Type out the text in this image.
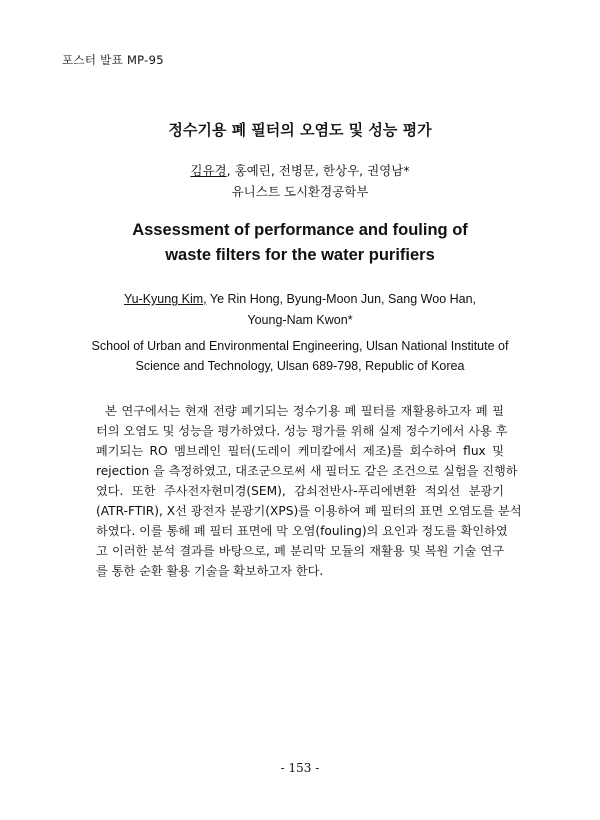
포스터 발표 MP-95
정수기용 폐 필터의 오염도 및 성능 평가
김유경, 홍예린, 전병문, 한상우, 권영남*
유니스트 도시환경공학부
Assessment of performance and fouling of
waste filters for the water purifiers
Yu-Kyung Kim, Ye Rin Hong, Byung-Moon Jun, Sang Woo Han,
Young-Nam Kwon*
School of Urban and Environmental Engineering, Ulsan National Institute of
Science and Technology, Ulsan 689-798, Republic of Korea
본 연구에서는 현재 전량 폐기되는 정수기용 폐 필터를 재활용하고자 폐 필
터의 오염도 및 성능을 평가하였다. 성능 평가를 위해 실제 정수기에서 사용 후
폐기되는 RO 멤브레인 필터(도레이 케미칼에서 제조)를 회수하여 flux 및
rejection 을 측정하였고, 대조군으로써 새 필터도 같은 조건으로 실험을 진행하
였다. 또한 주사전자현미경(SEM), 감쇠전반사-푸리에변환 적외선 분광기
(ATR-FTIR), X선 광전자 분광기(XPS)를 이용하여 폐 필터의 표면 오염도를 분석
하였다. 이를 통해 폐 필터 표면에 막 오염(fouling)의 요인과 정도를 확인하였
고 이러한 분석 결과를 바탕으로, 폐 분리막 모듈의 재활용 및 복원 기술 연구
를 통한 순환 활용 기술을 확보하고자 한다.
- 153 -
